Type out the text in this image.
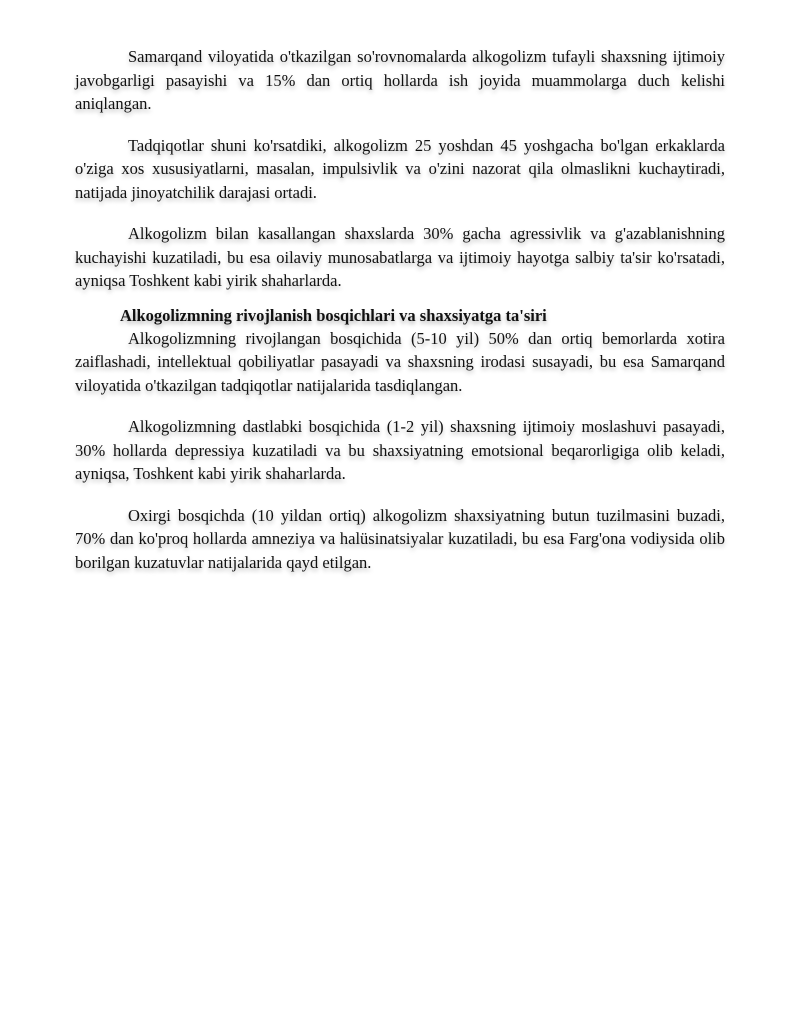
Samarqand viloyatida o'tkazilgan so'rovnomalarda alkogolizm tufayli shaxsning ijtimoiy javobgarligi pasayishi va 15% dan ortiq hollarda ish joyida muammolarga duch kelishi aniqlangan.

Tadqiqotlar shuni ko'rsatdiki, alkogolizm 25 yoshdan 45 yoshgacha bo'lgan erkaklarda o'ziga xos xususiyatlarni, masalan, impulsivlik va o'zini nazorat qila olmaslikni kuchaytiradi, natijada jinoyatchilik darajasi ortadi.

Alkogolizm bilan kasallangan shaxslarda 30% gacha agressivlik va g'azablanishning kuchayishi kuzatiladi, bu esa oilaviy munosabatlarga va ijtimoiy hayotga salbiy ta'sir ko'rsatadi, ayniqsa Toshkent kabi yirik shaharlarda.

Alkogolizmning rivojlanish bosqichlari va shaxsiyatga ta'siri

Alkogolizmning rivojlangan bosqichida (5-10 yil) 50% dan ortiq bemorlarda xotira zaiflashadi, intellektual qobiliyatlar pasayadi va shaxsning irodasi susayadi, bu esa Samarqand viloyatida o'tkazilgan tadqiqotlar natijalarida tasdiqlangan.

Alkogolizmning dastlabki bosqichida (1-2 yil) shaxsning ijtimoiy moslashuvi pasayadi, 30% hollarda depressiya kuzatiladi va bu shaxsiyatning emotsional beqarorligiga olib keladi, ayniqsa, Toshkent kabi yirik shaharlarda.

Oxirgi bosqichda (10 yildan ortiq) alkogolizm shaxsiyatning butun tuzilmasini buzadi, 70% dan ko'proq hollarda amneziya va halüsinatsiyalar kuzatiladi, bu esa Farg'ona vodiysida olib borilgan kuzatuvlar natijalarida qayd etilgan.
